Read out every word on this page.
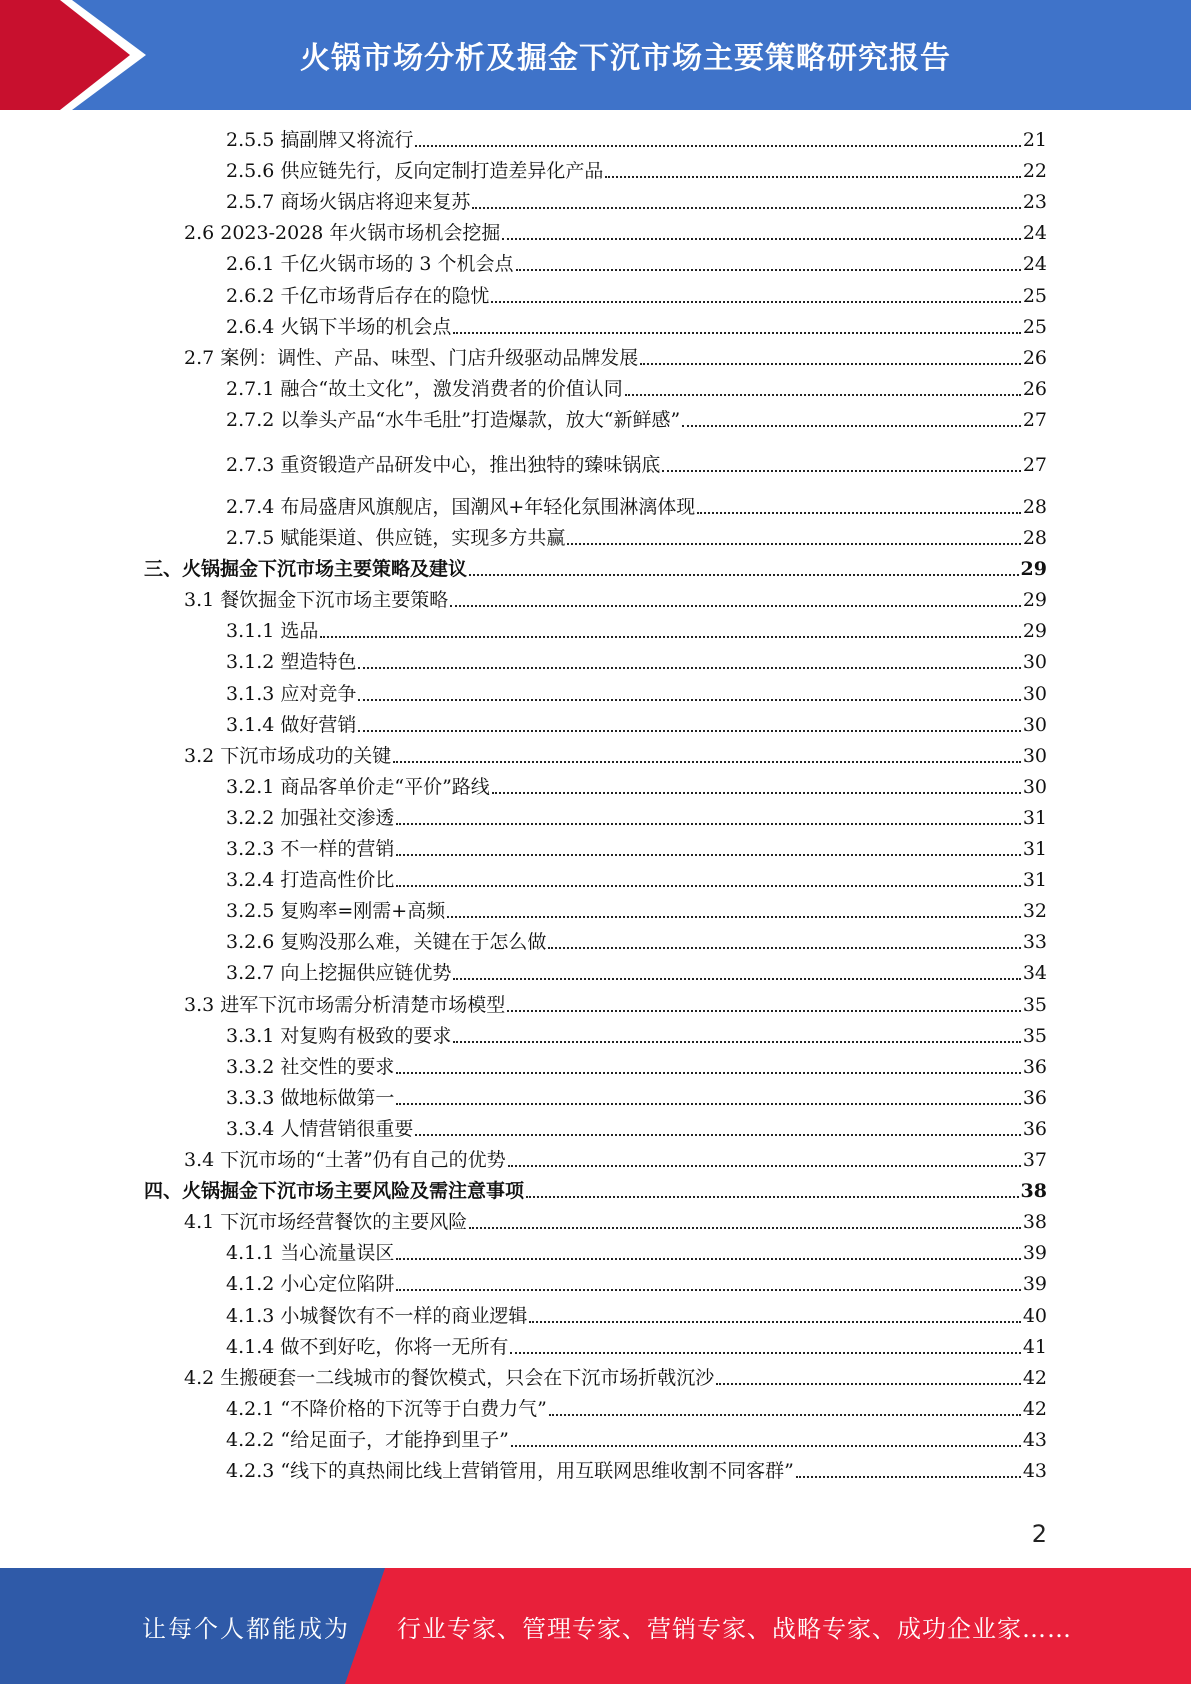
火锅市场分析及掘金下沉市场主要策略研究报告
2.5.5 搞副牌又将流行	21
2.5.6 供应链先行，反向定制打造差异化产品	22
2.5.7 商场火锅店将迎来复苏	23
2.6 2023-2028 年火锅市场机会挖掘	24
2.6.1 千亿火锅市场的 3 个机会点	24
2.6.2 千亿市场背后存在的隐忧	25
2.6.4 火锅下半场的机会点	25
2.7 案例：调性、产品、味型、门店升级驱动品牌发展	26
2.7.1 融合“故土文化”，激发消费者的价值认同	26
2.7.2 以拳头产品“水牛毛肚”打造爆款，放大“新鲜感”	27
2.7.3 重资锻造产品研发中心，推出独特的臻味锅底	27
2.7.4 布局盛唐风旗舰店，国潮风+年轻化氛围淋漓体现	28
2.7.5 赋能渠道、供应链，实现多方共赢	28
三、火锅掘金下沉市场主要策略及建议	29
3.1 餐饮掘金下沉市场主要策略	29
3.1.1 选品	29
3.1.2 塑造特色	30
3.1.3 应对竞争	30
3.1.4 做好营销	30
3.2 下沉市场成功的关键	30
3.2.1 商品客单价走“平价”路线	30
3.2.2 加强社交渗透	31
3.2.3 不一样的营销	31
3.2.4 打造高性价比	31
3.2.5 复购率=刚需+高频	32
3.2.6 复购没那么难，关键在于怎么做	33
3.2.7 向上挖掘供应链优势	34
3.3 进军下沉市场需分析清楚市场模型	35
3.3.1 对复购有极致的要求	35
3.3.2 社交性的要求	36
3.3.3 做地标做第一	36
3.3.4 人情营销很重要	36
3.4 下沉市场的“土著”仍有自己的优势	37
四、火锅掘金下沉市场主要风险及需注意事项	38
4.1 下沉市场经营餐饮的主要风险	38
4.1.1 当心流量误区	39
4.1.2 小心定位陷阱	39
4.1.3 小城餐饮有不一样的商业逻辑	40
4.1.4 做不到好吃，你将一无所有	41
4.2 生搬硬套一二线城市的餐饮模式，只会在下沉市场折戟沉沙	42
4.2.1 “不降价格的下沉等于白费力气”	42
4.2.2 “给足面子，才能挣到里子”	43
4.2.3 “线下的真热闹比线上营销管用，用互联网思维收割不同客群”	43
2
让每个人都能成为 行业专家、管理专家、营销专家、战略专家、成功企业家……
